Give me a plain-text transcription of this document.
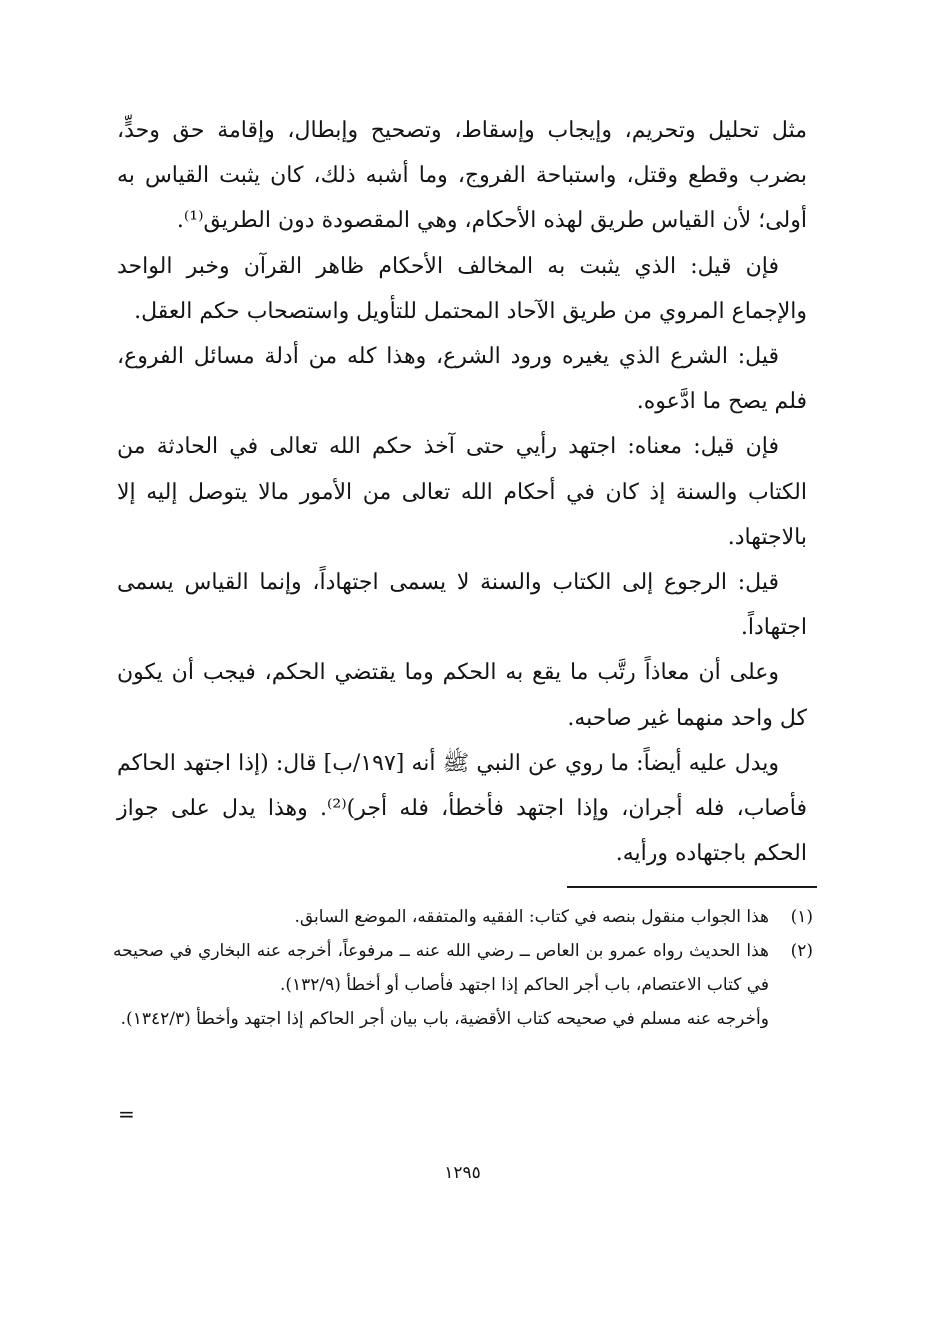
مثل تحليل وتحريم، وإيجاب وإسقاط، وتصحيح وإبطال، وإقامة حق وحدٍّ، بضرب وقطع وقتل، واستباحة الفروج، وما أشبه ذلك، كان يثبت القياس به أولى؛ لأن القياس طريق لهذه الأحكام، وهي المقصودة دون الطريق⁽¹⁾.

فإن قيل: الذي يثبت به المخالف الأحكام ظاهر القرآن وخبر الواحد والإجماع المروي من طريق الآحاد المحتمل للتأويل واستصحاب حكم العقل.

قيل: الشرع الذي يغيره ورود الشرع، وهذا كله من أدلة مسائل الفروع، فلم يصح ما ادَّعوه.

فإن قيل: معناه: اجتهد رأيي حتى آخذ حكم الله تعالى في الحادثة من الكتاب والسنة إذ كان في أحكام الله تعالى من الأمور مالا يتوصل إليه إلا بالاجتهاد.

قيل: الرجوع إلى الكتاب والسنة لا يسمى اجتهاداً، وإنما القياس يسمى اجتهاداً.

وعلى أن معاذاً رتَّب ما يقع به الحكم وما يقتضي الحكم، فيجب أن يكون كل واحد منهما غير صاحبه.

ويدل عليه أيضاً: ما روي عن النبي ﷺ أنه [١٩٧/ب] قال: (إذا اجتهد الحاكم فأصاب، فله أجران، وإذا اجتهد فأخطأ، فله أجر)⁽²⁾. وهذا يدل على جواز الحكم باجتهاده ورأيه.

(١)
هذا الجواب منقول بنصه في كتاب: الفقيه والمتفقه، الموضع السابق.
(٢)
هذا الحديث رواه عمرو بن العاص ــ رضي الله عنه ــ مرفوعاً، أخرجه عنه البخاري في صحيحه في كتاب الاعتصام، باب أجر الحاكم إذا اجتهد فأصاب أو أخطأ (١٣٢/٩).
وأخرجه عنه مسلم في صحيحه كتاب الأقضية، باب بيان أجر الحاكم إذا اجتهد وأخطأ (١٣٤٢/٣).
=
١٢٩٥
